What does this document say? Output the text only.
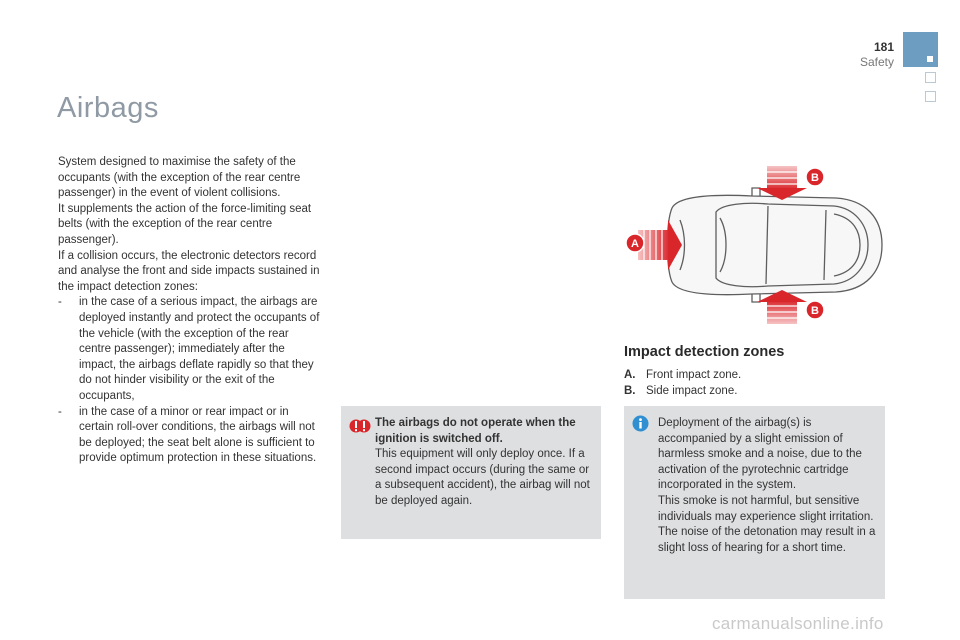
181
Safety
Airbags

System designed to maximise the safety of the occupants (with the exception of the rear centre passenger) in the event of violent collisions.

It supplements the action of the force-limiting seat belts (with the exception of the rear centre passenger).

If a collision occurs, the electronic detectors record and analyse the front and side impacts sustained in the impact detection zones:

- in the case of a serious impact, the airbags are deployed instantly and protect the occupants of the vehicle (with the exception of the rear centre passenger); immediately after the impact, the airbags deflate rapidly so that they do not hinder visibility or the exit of the occupants,

- in the case of a minor or rear impact or in certain roll-over conditions, the airbags will not be deployed; the seat belt alone is sufficient to provide optimum protection in these situations.

The airbags do not operate when the ignition is switched off.
This equipment will only deploy once. If a second impact occurs (during the same or a subsequent accident), the airbag will not be deployed again.
A
B
B
Impact detection zones
A. Front impact zone.
B. Side impact zone.
Deployment of the airbag(s) is accompanied by a slight emission of harmless smoke and a noise, due to the activation of the pyrotechnic cartridge incorporated in the system.
This smoke is not harmful, but sensitive individuals may experience slight irritation.
The noise of the detonation may result in a slight loss of hearing for a short time.
carmanualsonline.info
